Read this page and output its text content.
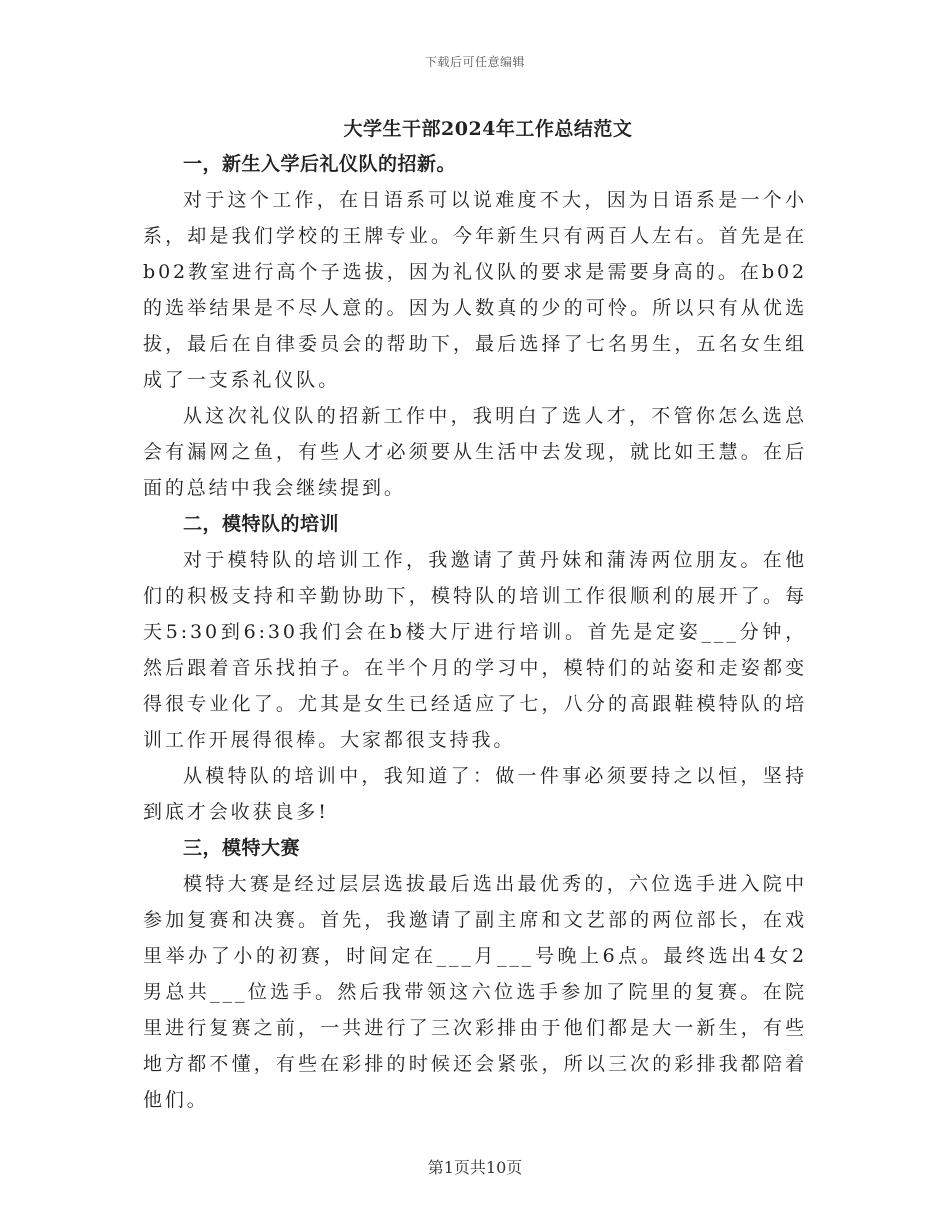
下载后可任意编辑
大学生干部2024年工作总结范文

一，新生入学后礼仪队的招新。

对于这个工作，在日语系可以说难度不大，因为日语系是一个小系，却是我们学校的王牌专业。今年新生只有两百人左右。首先是在b02教室进行高个子选拔，因为礼仪队的要求是需要身高的。在b02的选举结果是不尽人意的。因为人数真的少的可怜。所以只有从优选拔，最后在自律委员会的帮助下，最后选择了七名男生，五名女生组成了一支系礼仪队。

从这次礼仪队的招新工作中，我明白了选人才，不管你怎么选总会有漏网之鱼，有些人才必须要从生活中去发现，就比如王慧。在后面的总结中我会继续提到。

二，模特队的培训

对于模特队的培训工作，我邀请了黄丹妹和蒲涛两位朋友。在他们的积极支持和辛勤协助下，模特队的培训工作很顺利的展开了。每天5:30到6:30我们会在b楼大厅进行培训。首先是定姿___分钟，然后跟着音乐找拍子。在半个月的学习中，模特们的站姿和走姿都变得很专业化了。尤其是女生已经适应了七，八分的高跟鞋模特队的培训工作开展得很棒。大家都很支持我。

从模特队的培训中，我知道了：做一件事必须要持之以恒，坚持到底才会收获良多!

三，模特大赛

模特大赛是经过层层选拔最后选出最优秀的，六位选手进入院中参加复赛和决赛。首先，我邀请了副主席和文艺部的两位部长，在戏里举办了小的初赛，时间定在___月___号晚上6点。最终选出4女2男总共___位选手。然后我带领这六位选手参加了院里的复赛。在院里进行复赛之前，一共进行了三次彩排由于他们都是大一新生，有些地方都不懂，有些在彩排的时候还会紧张，所以三次的彩排我都陪着他们。

第1页共10页
